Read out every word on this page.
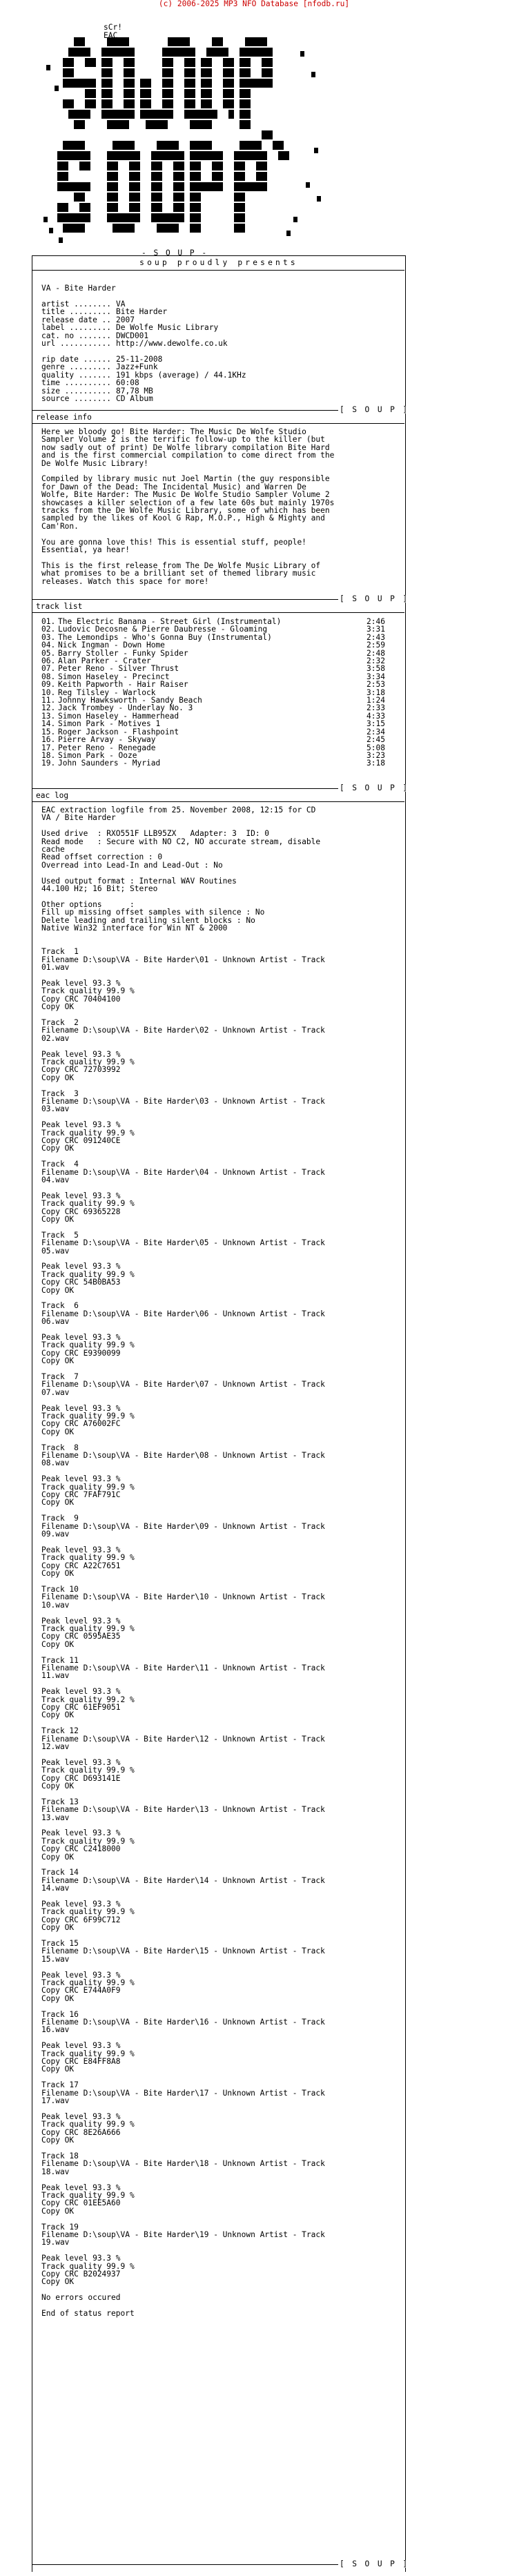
(c) 2006-2025 MP3 NFO Database [nfodb.ru]
sCr!
EAC
- S O U P -
soup proudly presents
VA - Bite Harder
artist ........ VA
title ......... Bite Harder
release date .. 2007
label ......... De Wolfe Music Library
cat. no ....... DWCD001
url ........... http://www.dewolfe.co.uk
rip date ...... 25-11-2008
genre ......... Jazz+Funk
quality ....... 191 kbps (average) / 44.1KHz
time .......... 60:08
size .......... 87,78 MB
source ........ CD Album
[ S O U P ]
release info

Here we bloody go! Bite Harder: The Music De Wolfe Studio

Sampler Volume 2 is the terrific follow-up to the killer (but

now sadly out of print) De Wolfe library compilation Bite Hard

and is the first commercial compilation to come direct from the

De Wolfe Music Library!

Compiled by library music nut Joel Martin (the guy responsible

for Dawn of the Dead: The Incidental Music) and Warren De

Wolfe, Bite Harder: The Music De Wolfe Studio Sampler Volume 2

showcases a killer selection of a few late 60s but mainly 1970s

tracks from the De Wolfe Music Library, some of which has been

sampled by the likes of Kool G Rap, M.O.P., High & Mighty and

Cam'Ron.

You are gonna love this! This is essential stuff, people!

Essential, ya hear!

This is the first release from The De Wolfe Music Library of

what promises to be a brilliant set of themed library music

releases. Watch this space for more!

[ S O U P ]
track list
01. The Electric Banana - Street Girl (Instrumental)	2:46
02. Ludovic Decosne & Pierre Daubresse - Gloaming	3:31
03. The Lemondips - Who's Gonna Buy (Instrumental)	2:43
04. Nick Ingman - Down Home	2:59
05. Barry Stoller - Funky Spider	2:48
06. Alan Parker - Crater	2:32
07. Peter Reno - Silver Thrust	3:58
08. Simon Haseley - Precinct	3:34
09. Keith Papworth - Hair Raiser	2:53
10. Reg Tilsley - Warlock	3:18
11. Johnny Hawksworth - Sandy Beach	1:24
12. Jack Trombey - Underlay No. 3	2:33
13. Simon Haseley - Hammerhead	4:33
14. Simon Park - Motives 1	3:15
15. Roger Jackson - Flashpoint	2:34
16. Pierre Arvay - Skyway	2:45
17. Peter Reno - Renegade	5:08
18. Simon Park - Ooze	3:23
19. John Saunders - Myriad	3:18
[ S O U P ]
eac log

EAC extraction logfile from 25. November 2008, 12:15 for CD

VA / Bite Harder

Used drive  : RXO551F LLB95ZX   Adapter: 3  ID: 0

Read mode   : Secure with NO C2, NO accurate stream, disable

cache

Read offset correction : 0

Overread into Lead-In and Lead-Out : No

Used output format : Internal WAV Routines

44.100 Hz; 16 Bit; Stereo

Other options      :

Fill up missing offset samples with silence : No

Delete leading and trailing silent blocks : No

Native Win32 interface for Win NT & 2000

Track  1

Filename D:\soup\VA - Bite Harder\01 - Unknown Artist - Track

01.wav

Peak level 93.3 %

Track quality 99.9 %

Copy CRC 70404100

Copy OK

Track  2

Filename D:\soup\VA - Bite Harder\02 - Unknown Artist - Track

02.wav

Peak level 93.3 %

Track quality 99.9 %

Copy CRC 72703992

Copy OK

Track  3

Filename D:\soup\VA - Bite Harder\03 - Unknown Artist - Track

03.wav

Peak level 93.3 %

Track quality 99.9 %

Copy CRC 091240CE

Copy OK

Track  4

Filename D:\soup\VA - Bite Harder\04 - Unknown Artist - Track

04.wav

Peak level 93.3 %

Track quality 99.9 %

Copy CRC 69365228

Copy OK

Track  5

Filename D:\soup\VA - Bite Harder\05 - Unknown Artist - Track

05.wav

Peak level 93.3 %

Track quality 99.9 %

Copy CRC 54B0BA53

Copy OK

Track  6

Filename D:\soup\VA - Bite Harder\06 - Unknown Artist - Track

06.wav

Peak level 93.3 %

Track quality 99.9 %

Copy CRC E9390099

Copy OK

Track  7

Filename D:\soup\VA - Bite Harder\07 - Unknown Artist - Track

07.wav

Peak level 93.3 %

Track quality 99.9 %

Copy CRC A76002FC

Copy OK

Track  8

Filename D:\soup\VA - Bite Harder\08 - Unknown Artist - Track

08.wav

Peak level 93.3 %

Track quality 99.9 %

Copy CRC 7FAF791C

Copy OK

Track  9

Filename D:\soup\VA - Bite Harder\09 - Unknown Artist - Track

09.wav

Peak level 93.3 %

Track quality 99.9 %

Copy CRC A22C7651

Copy OK

Track 10

Filename D:\soup\VA - Bite Harder\10 - Unknown Artist - Track

10.wav

Peak level 93.3 %

Track quality 99.9 %

Copy CRC 0595AE35

Copy OK

Track 11

Filename D:\soup\VA - Bite Harder\11 - Unknown Artist - Track

11.wav

Peak level 93.3 %

Track quality 99.2 %

Copy CRC 61EF9051

Copy OK

Track 12

Filename D:\soup\VA - Bite Harder\12 - Unknown Artist - Track

12.wav

Peak level 93.3 %

Track quality 99.9 %

Copy CRC D693141E

Copy OK

Track 13

Filename D:\soup\VA - Bite Harder\13 - Unknown Artist - Track

13.wav

Peak level 93.3 %

Track quality 99.9 %

Copy CRC C2418000

Copy OK

Track 14

Filename D:\soup\VA - Bite Harder\14 - Unknown Artist - Track

14.wav

Peak level 93.3 %

Track quality 99.9 %

Copy CRC 6F99C712

Copy OK

Track 15

Filename D:\soup\VA - Bite Harder\15 - Unknown Artist - Track

15.wav

Peak level 93.3 %

Track quality 99.9 %

Copy CRC E744A0F9

Copy OK

Track 16

Filename D:\soup\VA - Bite Harder\16 - Unknown Artist - Track

16.wav

Peak level 93.3 %

Track quality 99.9 %

Copy CRC E84FF8A8

Copy OK

Track 17

Filename D:\soup\VA - Bite Harder\17 - Unknown Artist - Track

17.wav

Peak level 93.3 %

Track quality 99.9 %

Copy CRC 8E26A666

Copy OK

Track 18

Filename D:\soup\VA - Bite Harder\18 - Unknown Artist - Track

18.wav

Peak level 93.3 %

Track quality 99.9 %

Copy CRC 01EE5A60

Copy OK

Track 19

Filename D:\soup\VA - Bite Harder\19 - Unknown Artist - Track

19.wav

Peak level 93.3 %

Track quality 99.9 %

Copy CRC B2024937

Copy OK

No errors occured

End of status report

[ S O U P ]
